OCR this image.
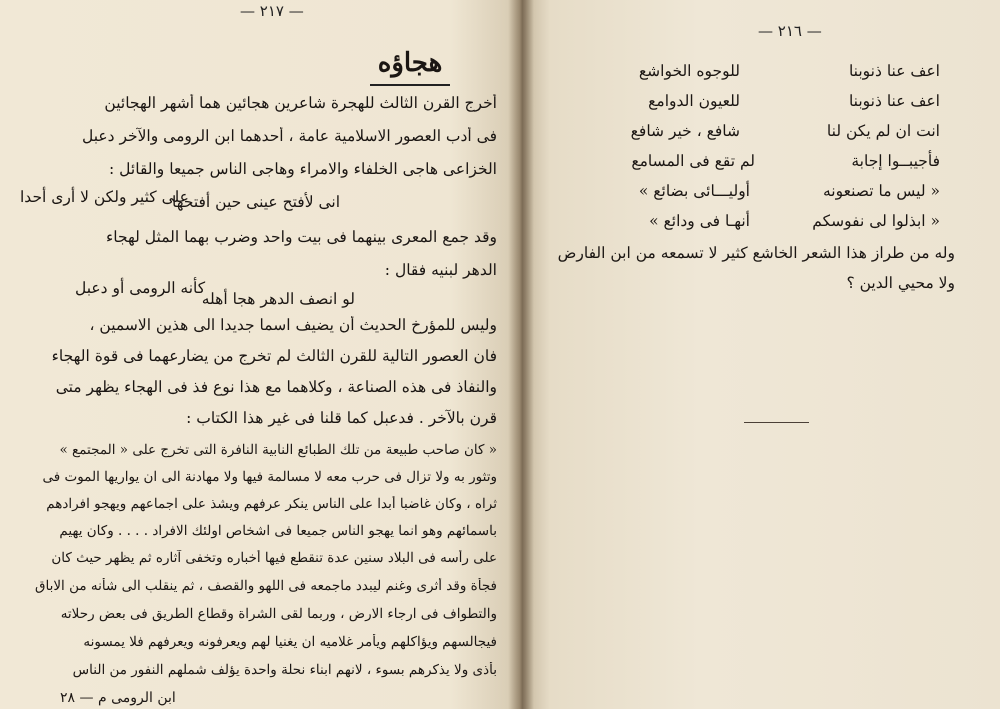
— ٢١٧ —
هجاؤه
أخرج القرن الثالث للهجرة شاعرين هجائين هما أشهر الهجائين
فى أدب العصور الاسلامية عامة ، أحدهما ابن الرومى والآخر دعبل
الخزاعى هاجى الخلفاء والامراء وهاجى الناس جميعا والقائل :
انى لأفتح عينى حين أفتحها
على كثير ولكن لا أرى أحدا
وقد جمع المعرى بينهما فى بيت واحد وضرب بهما المثل لهجاء
الدهر لبنيه فقال :
لو انصف الدهر هجا أهله
كأنه الرومى أو دعبل
وليس للمؤرخ الحديث أن يضيف اسما جديدا الى هذين الاسمين ،
فان العصور التالية للقرن الثالث لم تخرج من يضارعهما فى قوة الهجاء
والنفاذ فى هذه الصناعة ، وكلاهما مع هذا نوع فذ فى الهجاء يظهر متى
قرن بالآخر . فدعبل كما قلنا فى غير هذا الكتاب :
« كان صاحب طبيعة من تلك الطبائع النابية النافرة التى تخرج على « المجتمع »
وتثور به ولا تزال فى حرب معه لا مسالمة فيها ولا مهادنة الى ان يواريها الموت فى
ثراه ، وكان غاضبا أبدا على الناس ينكر عرفهم ويشذ على اجماعهم ويهجو افرادهم
باسمائهم وهو انما يهجو الناس جميعا فى اشخاص اولئك الافراد . . . . وكان يهيم
على رأسه فى البلاد سنين عدة تنقطع فيها أخباره وتخفى آثاره ثم يظهر حيث كان
فجأة وقد أثرى وغنم ليبدد ماجمعه فى اللهو والقصف ، ثم ينقلب الى شأنه من الاباق
والتطواف فى ارجاء الارض ، وربما لقى الشراة وقطاع الطريق فى بعض رحلاته
فيجالسهم ويؤاكلهم ويأمر غلاميه ان يغنيا لهم ويعرفونه ويعرفهم فلا يمسونه
بأذى ولا يذكرهم بسوء ، لانهم ابناء نحلة واحدة يؤلف شملهم النفور من الناس
ابن الرومى م — ٢٨
— ٢١٦ —
اعف عنا ذنوبنا
للوجوه الخواشع
اعف عنا ذنوبنا
للعيون الدوامع
انت ان لم يكن لنا
شافع ، خير شافع
فأجيبــوا إجابة
لم تقع فى المسامع
« ليس ما تصنعونه
أوليـــائى بضائع »
« ابذلوا لى نفوسكم
أنهـا فى ودائع »
وله من طراز هذا الشعر الخاشع كثير لا تسمعه من ابن الفارض
ولا محيي الدين ؟
